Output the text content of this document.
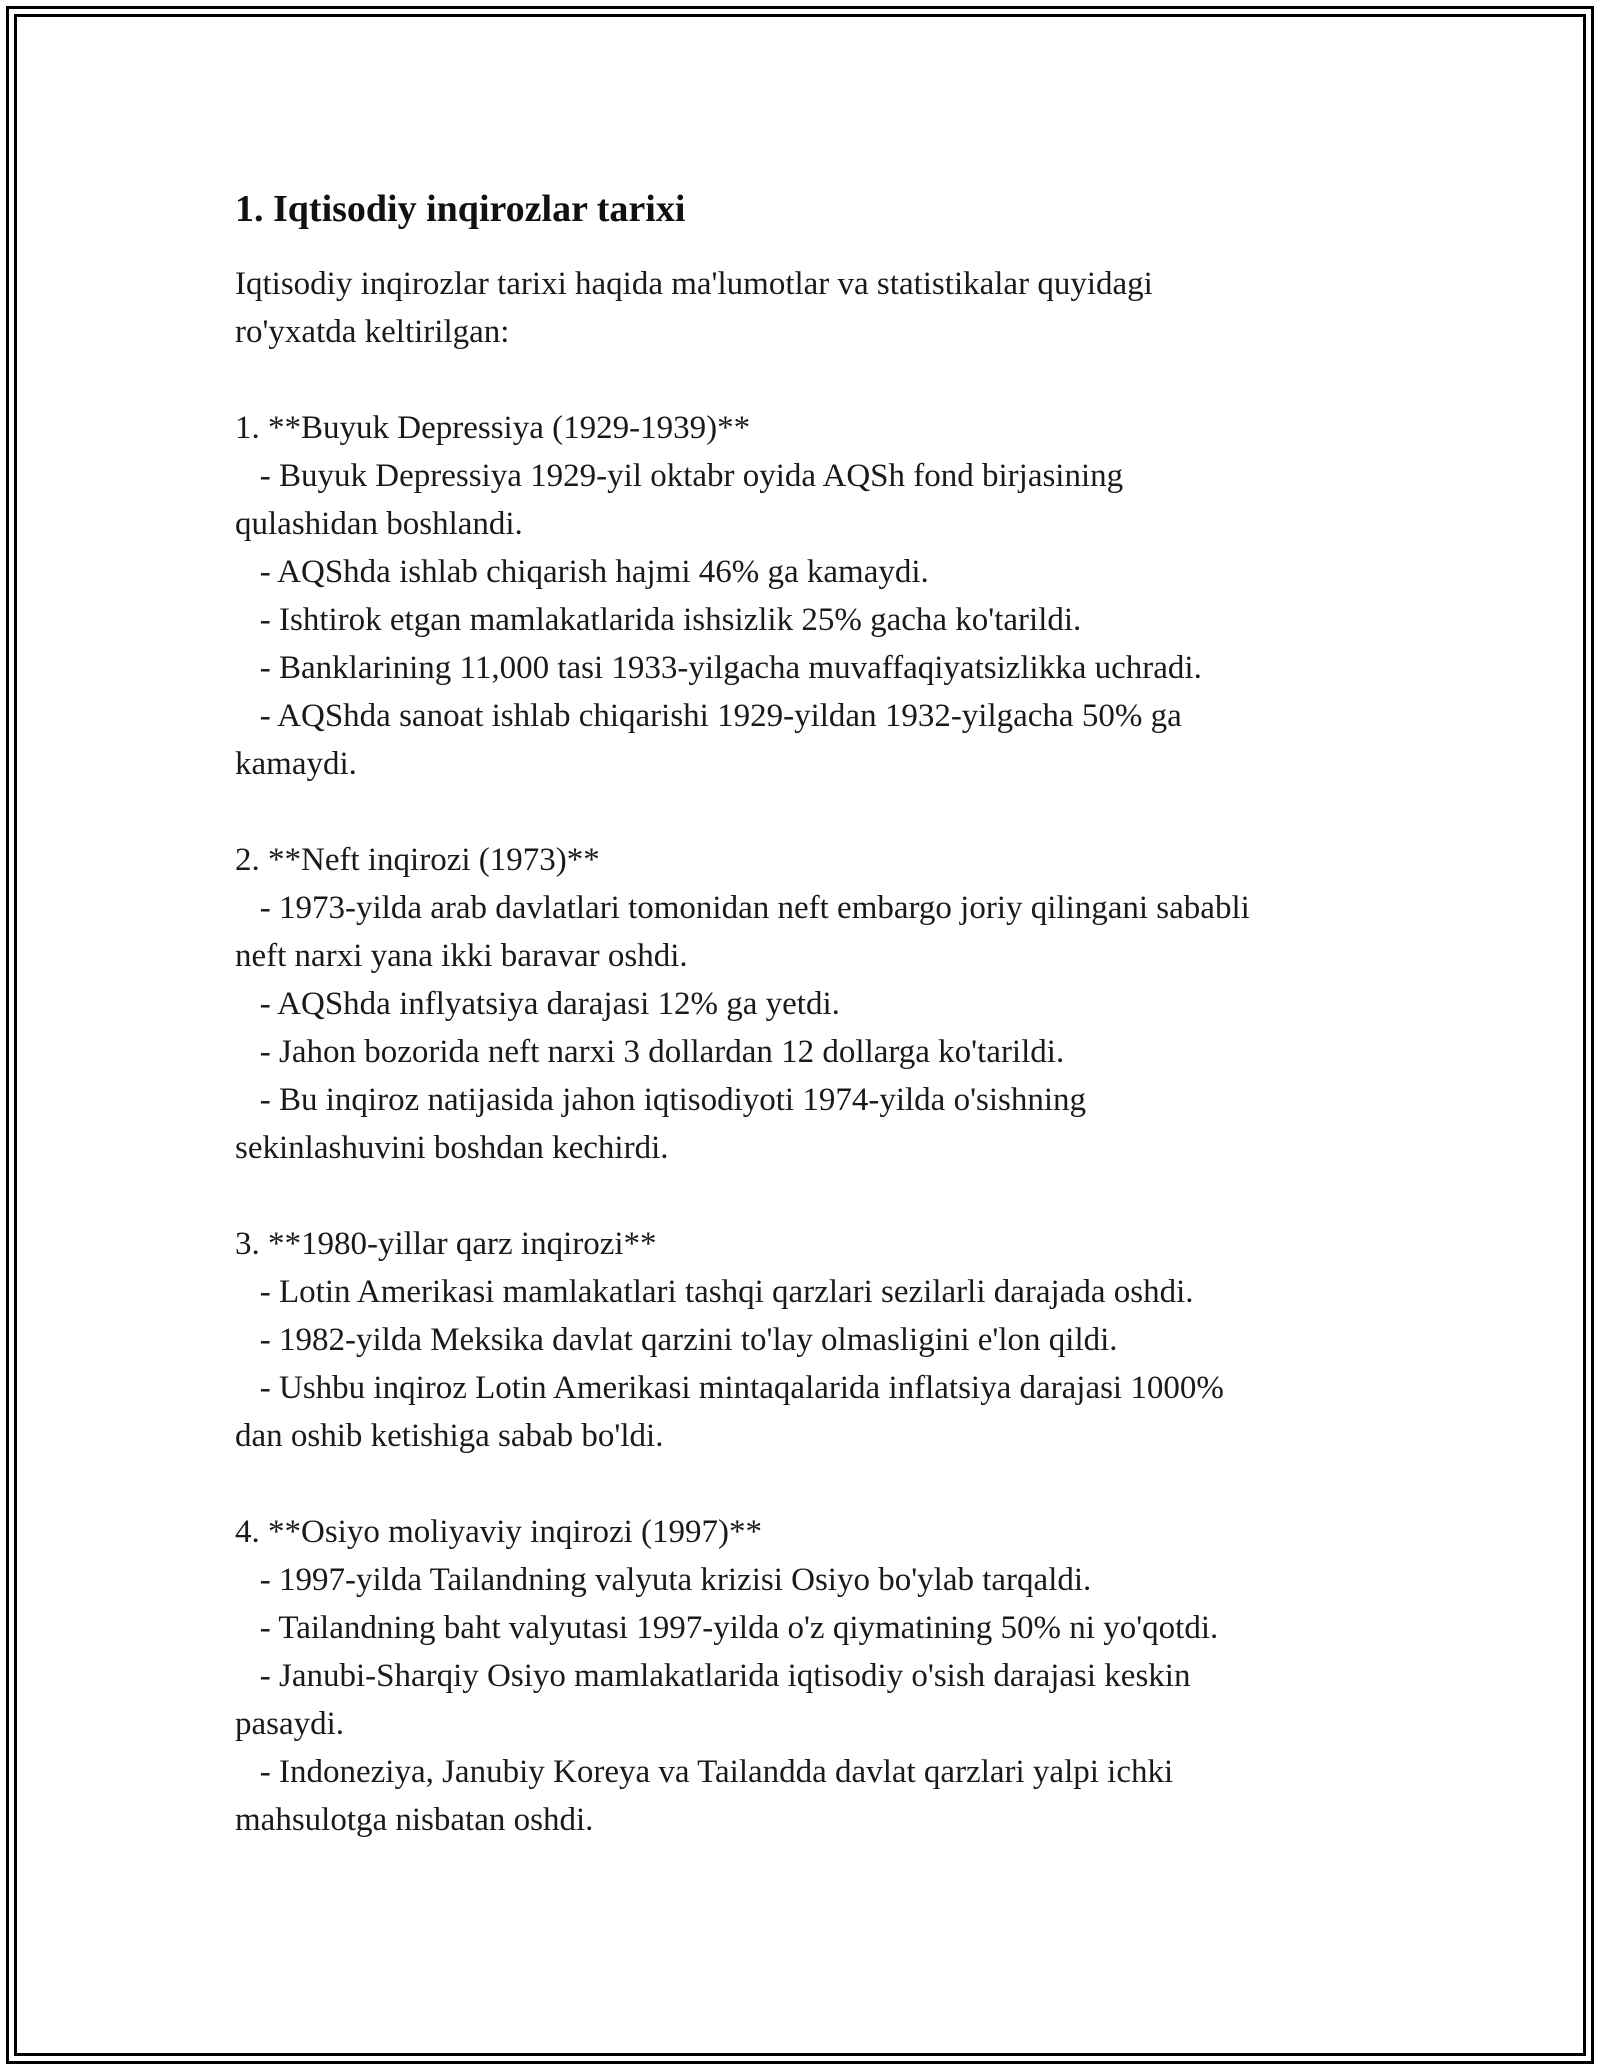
1. Iqtisodiy inqirozlar tarixi
Iqtisodiy inqirozlar tarixi haqida ma'lumotlar va statistikalar quyidagi
ro'yxatda keltirilgan:
1. **Buyuk Depressiya (1929-1939)**
- Buyuk Depressiya 1929-yil oktabr oyida AQSh fond birjasining
qulashidan boshlandi.
- AQShda ishlab chiqarish hajmi 46% ga kamaydi.
- Ishtirok etgan mamlakatlarida ishsizlik 25% gacha ko'tarildi.
- Banklarining 11,000 tasi 1933-yilgacha muvaffaqiyatsizlikka uchradi.
- AQShda sanoat ishlab chiqarishi 1929-yildan 1932-yilgacha 50% ga
kamaydi.
2. **Neft inqirozi (1973)**
- 1973-yilda arab davlatlari tomonidan neft embargo joriy qilingani sababli
neft narxi yana ikki baravar oshdi.
- AQShda inflyatsiya darajasi 12% ga yetdi.
- Jahon bozorida neft narxi 3 dollardan 12 dollarga ko'tarildi.
- Bu inqiroz natijasida jahon iqtisodiyoti 1974-yilda o'sishning
sekinlashuvini boshdan kechirdi.
3. **1980-yillar qarz inqirozi**
- Lotin Amerikasi mamlakatlari tashqi qarzlari sezilarli darajada oshdi.
- 1982-yilda Meksika davlat qarzini to'lay olmasligini e'lon qildi.
- Ushbu inqiroz Lotin Amerikasi mintaqalarida inflatsiya darajasi 1000%
dan oshib ketishiga sabab bo'ldi.
4. **Osiyo moliyaviy inqirozi (1997)**
- 1997-yilda Tailandning valyuta krizisi Osiyo bo'ylab tarqaldi.
- Tailandning baht valyutasi 1997-yilda o'z qiymatining 50% ni yo'qotdi.
- Janubi-Sharqiy Osiyo mamlakatlarida iqtisodiy o'sish darajasi keskin
pasaydi.
- Indoneziya, Janubiy Koreya va Tailandda davlat qarzlari yalpi ichki
mahsulotga nisbatan oshdi.
